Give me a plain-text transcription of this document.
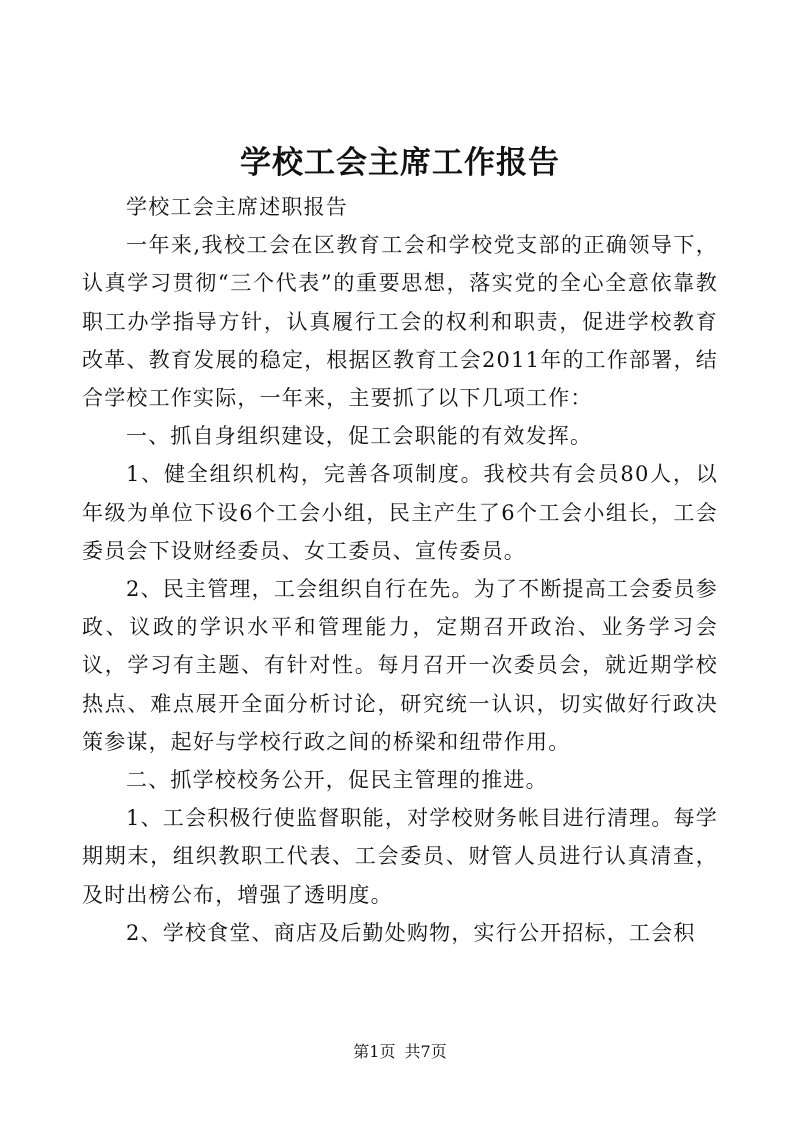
学校工会主席工作报告

学校工会主席述职报告

一年来,我校工会在区教育工会和学校党支部的正确领导下，认真学习贯彻“三个代表”的重要思想，落实党的全心全意依靠教职工办学指导方针，认真履行工会的权利和职责，促进学校教育改革、教育发展的稳定，根据区教育工会2011年的工作部署，结合学校工作实际，一年来，主要抓了以下几项工作：

一、抓自身组织建设，促工会职能的有效发挥。

1、健全组织机构，完善各项制度。我校共有会员80人，以年级为单位下设6个工会小组，民主产生了6个工会小组长，工会委员会下设财经委员、女工委员、宣传委员。

2、民主管理，工会组织自行在先。为了不断提高工会委员参政、议政的学识水平和管理能力，定期召开政治、业务学习会议，学习有主题、有针对性。每月召开一次委员会，就近期学校热点、难点展开全面分析讨论，研究统一认识，切实做好行政决策参谋，起好与学校行政之间的桥梁和纽带作用。

二、抓学校校务公开，促民主管理的推进。

1、工会积极行使监督职能，对学校财务帐目进行清理。每学期期末，组织教职工代表、工会委员、财管人员进行认真清查，及时出榜公布，增强了透明度。

2、学校食堂、商店及后勤处购物，实行公开招标，工会积

第1页 共7页
